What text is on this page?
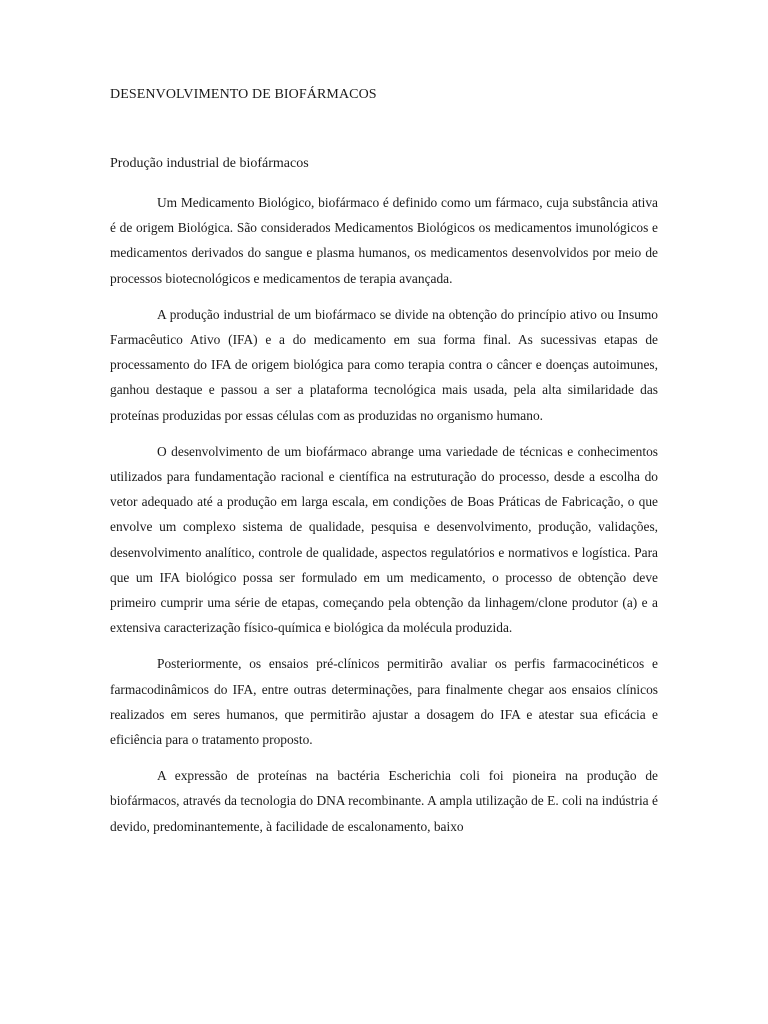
DESENVOLVIMENTO DE BIOFÁRMACOS
Produção industrial de biofármacos

Um Medicamento Biológico, biofármaco é definido como um fármaco, cuja substância ativa é de origem Biológica. São considerados Medicamentos Biológicos os medicamentos imunológicos e medicamentos derivados do sangue e plasma humanos, os medicamentos desenvolvidos por meio de processos biotecnológicos e medicamentos de terapia avançada.

A produção industrial de um biofármaco se divide na obtenção do princípio ativo ou Insumo Farmacêutico Ativo (IFA) e a do medicamento em sua forma final. As sucessivas etapas de processamento do IFA de origem biológica para como terapia contra o câncer e doenças autoimunes, ganhou destaque e passou a ser a plataforma tecnológica mais usada, pela alta similaridade das proteínas produzidas por essas células com as produzidas no organismo humano.

O desenvolvimento de um biofármaco abrange uma variedade de técnicas e conhecimentos utilizados para fundamentação racional e científica na estruturação do processo, desde a escolha do vetor adequado até a produção em larga escala, em condições de Boas Práticas de Fabricação, o que envolve um complexo sistema de qualidade, pesquisa e desenvolvimento, produção, validações, desenvolvimento analítico, controle de qualidade, aspectos regulatórios e normativos e logística. Para que um IFA biológico possa ser formulado em um medicamento, o processo de obtenção deve primeiro cumprir uma série de etapas, começando pela obtenção da linhagem/clone produtor (a) e a extensiva caracterização físico-química e biológica da molécula produzida.

Posteriormente, os ensaios pré-clínicos permitirão avaliar os perfis farmacocinéticos e farmacodinâmicos do IFA, entre outras determinações, para finalmente chegar aos ensaios clínicos realizados em seres humanos, que permitirão ajustar a dosagem do IFA e atestar sua eficácia e eficiência para o tratamento proposto.

A expressão de proteínas na bactéria Escherichia coli foi pioneira na produção de biofármacos, através da tecnologia do DNA recombinante. A ampla utilização de E. coli na indústria é devido, predominantemente, à facilidade de escalonamento, baixo
